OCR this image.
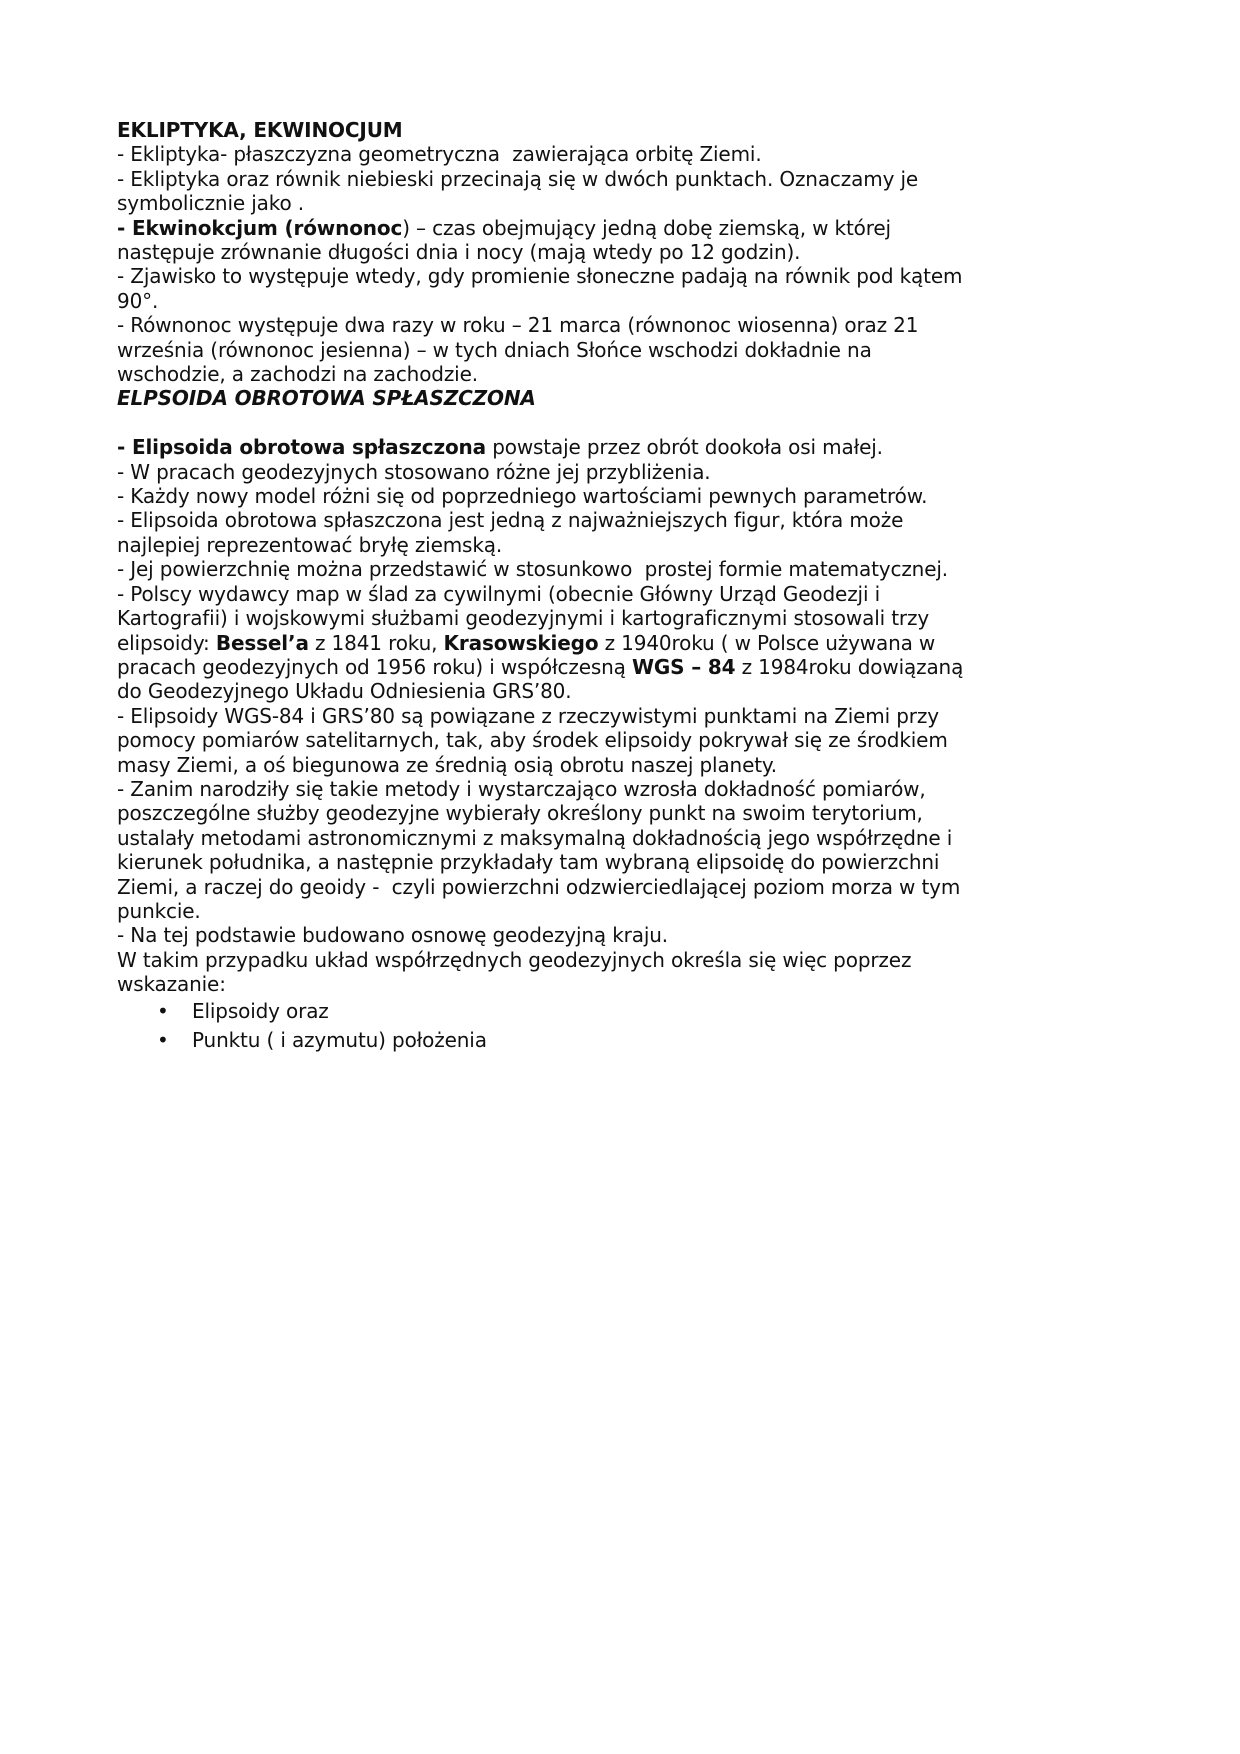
EKLIPTYKA, EKWINOCJUM
- Ekliptyka- płaszczyzna geometryczna  zawierająca orbitę Ziemi.
- Ekliptyka oraz równik niebieski przecinają się w dwóch punktach. Oznaczamy je
symbolicznie jako .
- Ekwinokcjum (równonoc) – czas obejmujący jedną dobę ziemską, w której
następuje zrównanie długości dnia i nocy (mają wtedy po 12 godzin).
- Zjawisko to występuje wtedy, gdy promienie słoneczne padają na równik pod kątem
90°.
- Równonoc występuje dwa razy w roku – 21 marca (równonoc wiosenna) oraz 21
września (równonoc jesienna) – w tych dniach Słońce wschodzi dokładnie na
wschodzie, a zachodzi na zachodzie.
ELPSOIDA OBROTOWA SPŁASZCZONA
- Elipsoida obrotowa spłaszczona powstaje przez obrót dookoła osi małej.
- W pracach geodezyjnych stosowano różne jej przybliżenia.
- Każdy nowy model różni się od poprzedniego wartościami pewnych parametrów.
- Elipsoida obrotowa spłaszczona jest jedną z najważniejszych figur, która może
najlepiej reprezentować bryłę ziemską.
- Jej powierzchnię można przedstawić w stosunkowo  prostej formie matematycznej.
- Polscy wydawcy map w ślad za cywilnymi (obecnie Główny Urząd Geodezji i
Kartografii) i wojskowymi służbami geodezyjnymi i kartograficznymi stosowali trzy
elipsoidy: Bessel’a z 1841 roku, Krasowskiego z 1940roku ( w Polsce używana w
pracach geodezyjnych od 1956 roku) i współczesną WGS – 84 z 1984roku dowiązaną
do Geodezyjnego Układu Odniesienia GRS’80.
- Elipsoidy WGS-84 i GRS’80 są powiązane z rzeczywistymi punktami na Ziemi przy
pomocy pomiarów satelitarnych, tak, aby środek elipsoidy pokrywał się ze środkiem
masy Ziemi, a oś biegunowa ze średnią osią obrotu naszej planety.
- Zanim narodziły się takie metody i wystarczająco wzrosła dokładność pomiarów,
poszczególne służby geodezyjne wybierały określony punkt na swoim terytorium,
ustalały metodami astronomicznymi z maksymalną dokładnością jego współrzędne i
kierunek południka, a następnie przykładały tam wybraną elipsoidę do powierzchni
Ziemi, a raczej do geoidy -  czyli powierzchni odzwierciedlającej poziom morza w tym
punkcie.
- Na tej podstawie budowano osnowę geodezyjną kraju.
W takim przypadku układ współrzędnych geodezyjnych określa się więc poprzez
wskazanie:
• Elipsoidy oraz
• Punktu ( i azymutu) położenia
